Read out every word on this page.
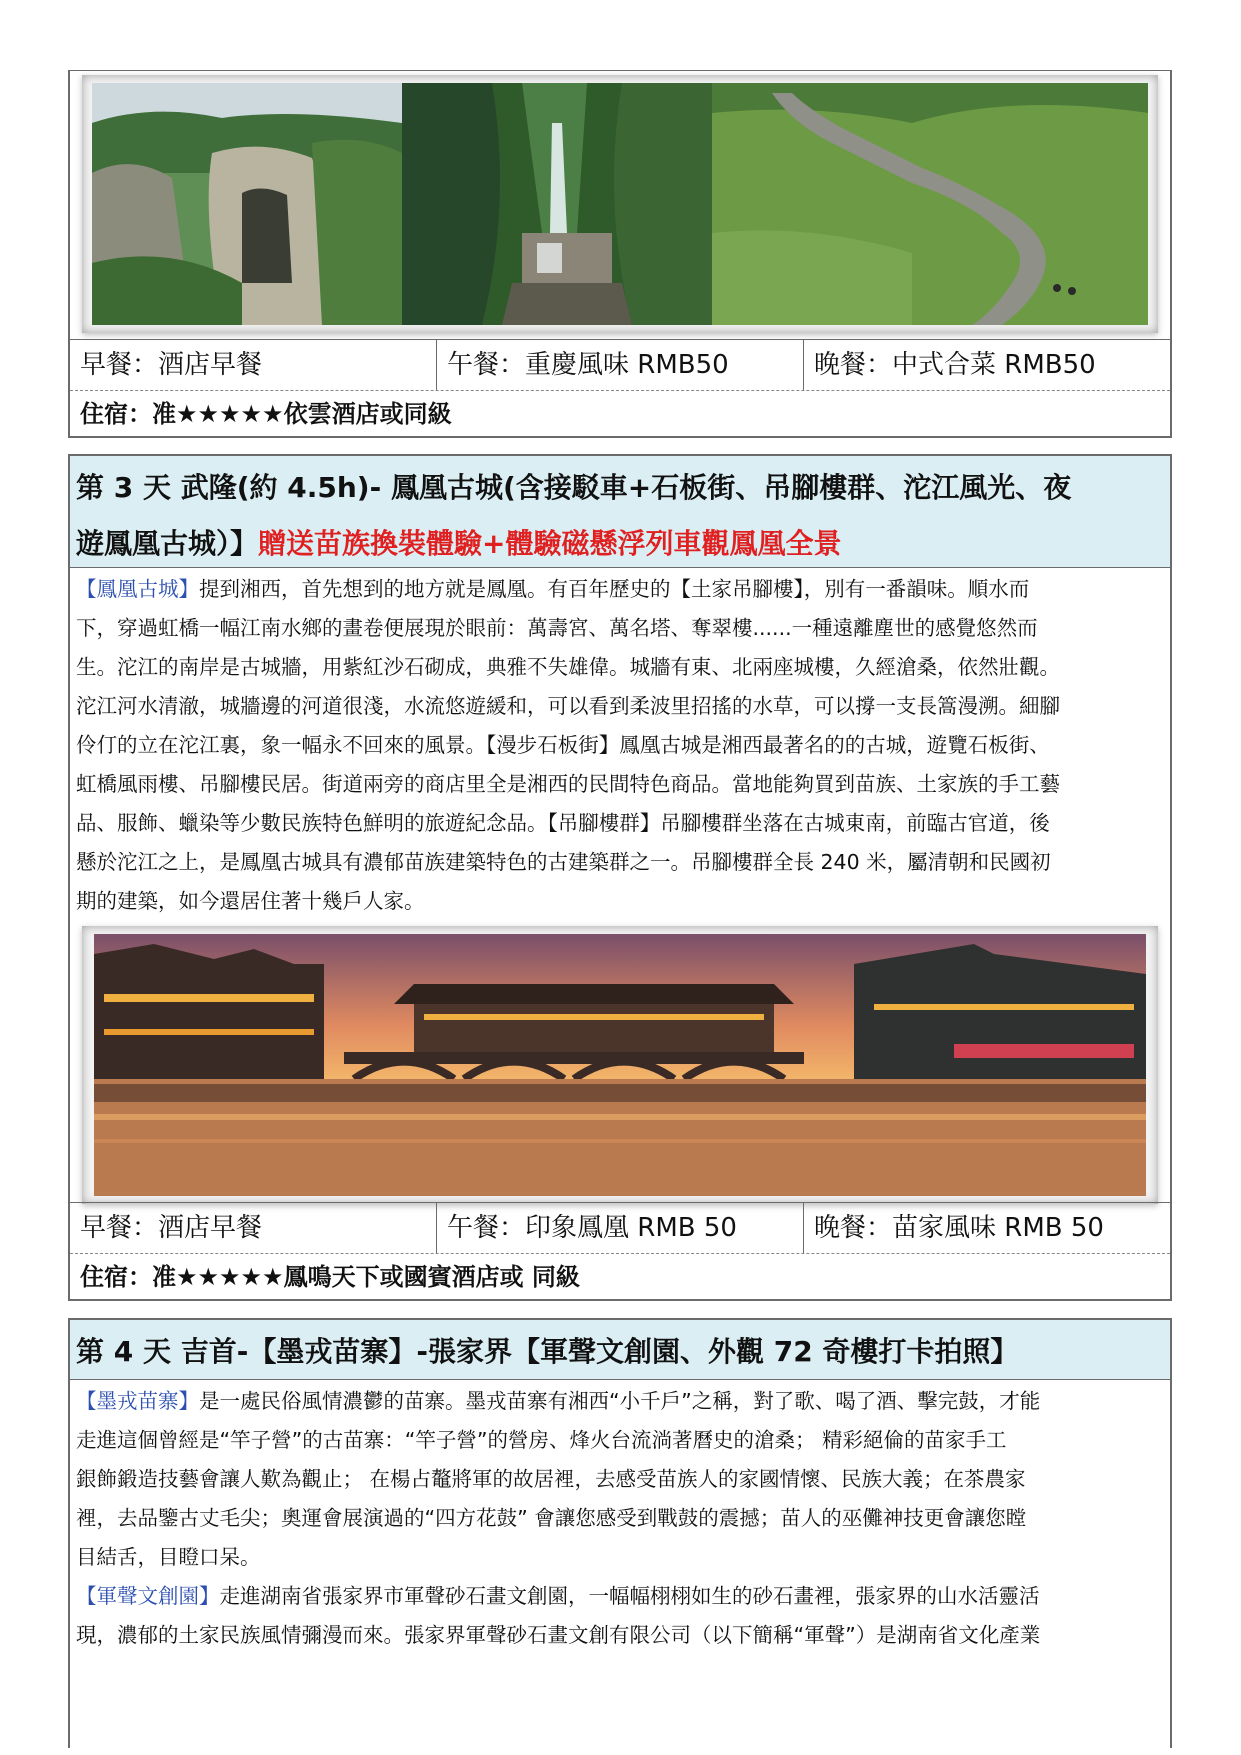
早餐：酒店早餐	午餐：重慶風味 RMB50	晚餐：中式合菜 RMB50
住宿：准★★★★★依雲酒店或同級
第 3 天 武隆(約 4.5h)- 鳳凰古城(含接駁車+石板街、吊腳樓群、沱江風光、夜
遊鳳凰古城）】贈送苗族換裝體驗+體驗磁懸浮列車觀鳳凰全景

【鳳凰古城】提到湘西，首先想到的地方就是鳳凰。有百年歷史的【土家吊腳樓】，別有一番韻味。順水而

下，穿過虹橋一幅江南水鄉的畫卷便展現於眼前：萬壽宮、萬名塔、奪翠樓......一種遠離塵世的感覺悠然而

生。沱江的南岸是古城牆，用紫紅沙石砌成，典雅不失雄偉。城牆有東、北兩座城樓，久經滄桑，依然壯觀。

沱江河水清澈，城牆邊的河道很淺，水流悠遊緩和，可以看到柔波里招搖的水草，可以撐一支長篙漫溯。細腳

伶仃的立在沱江裏，象一幅永不回來的風景。【漫步石板街】鳳凰古城是湘西最著名的的古城，遊覽石板街、

虹橋風雨樓、吊腳樓民居。街道兩旁的商店里全是湘西的民間特色商品。當地能夠買到苗族、土家族的手工藝

品、服飾、蠟染等少數民族特色鮮明的旅遊紀念品。【吊腳樓群】吊腳樓群坐落在古城東南，前臨古官道，後

懸於沱江之上，是鳳凰古城具有濃郁苗族建築特色的古建築群之一。吊腳樓群全長 240 米，屬清朝和民國初

期的建築，如今還居住著十幾戶人家。

早餐：酒店早餐	午餐：印象鳳凰 RMB 50	晚餐：苗家風味 RMB 50
住宿：准★★★★★鳳鳴天下或國賓酒店或 同級
第 4 天 吉首-【墨戎苗寨】-張家界【軍聲文創園、外觀 72 奇樓打卡拍照】

【墨戎苗寨】是一處民俗風情濃鬱的苗寨。墨戎苗寨有湘西“小千戶”之稱，對了歌、喝了酒、擊完鼓，才能

走進這個曾經是“竿子營”的古苗寨：“竿子營”的營房、烽火台流淌著曆史的滄桑； 精彩絕倫的苗家手工

銀飾鍛造技藝會讓人歎為觀止； 在楊占鼇將軍的故居裡，去感受苗族人的家國情懷、民族大義；在茶農家

裡，去品鑒古丈毛尖；奧運會展演過的“四方花鼓” 會讓您感受到戰鼓的震撼；苗人的巫儺神技更會讓您瞠

目結舌，目瞪口呆。

【軍聲文創園】走進湖南省張家界市軍聲砂石畫文創園，一幅幅栩栩如生的砂石畫裡，張家界的山水活靈活

現，濃郁的土家民族風情彌漫而來。張家界軍聲砂石畫文創有限公司（以下簡稱“軍聲”）是湖南省文化產業
